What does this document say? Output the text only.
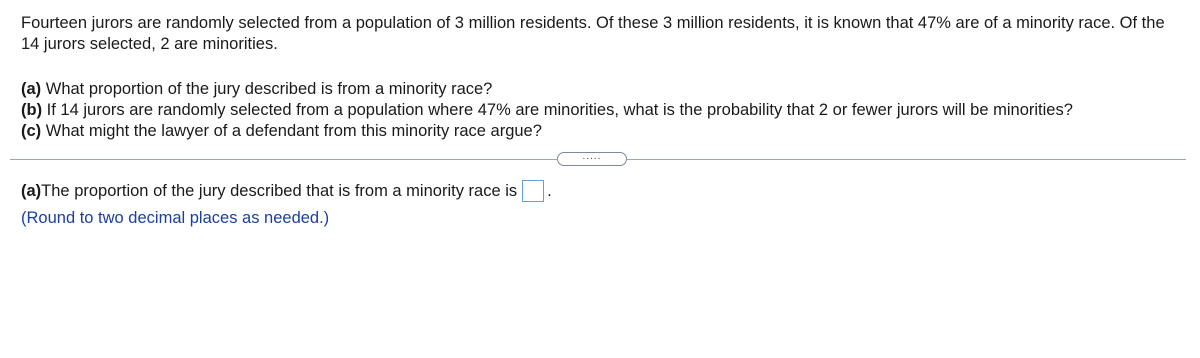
Fourteen jurors are randomly selected from a population of 3 million residents. Of these 3 million residents, it is known that 47% are of a minority race. Of the 14 jurors selected, 2 are minorities.

(a) What proportion of the jury described is from a minority race?
(b) If 14 jurors are randomly selected from a population where 47% are minorities, what is the probability that 2 or fewer jurors will be minorities?
(c) What might the lawyer of a defendant from this minority race argue?
.....
(a) The proportion of the jury described that is from a minority race is .
(Round to two decimal places as needed.)
